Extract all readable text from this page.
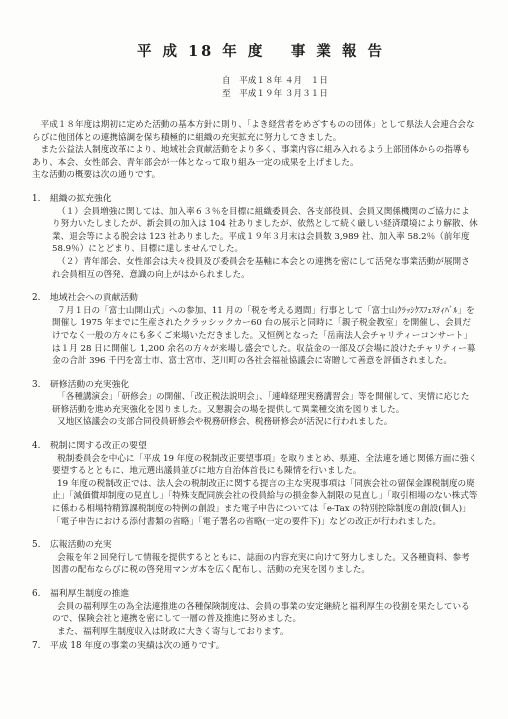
平 成 18 年 度　 事 業 報 告
自　平成１８年 ４月　１日
至　平成１９年 ３月３１日

平成１８年度は期初に定めた活動の基本方針に則り、「よき経営者をめざすものの団体」として県法人会連合会ならびに他団体との連携協調を保ち積極的に組織の充実拡充に努力してきました。

また公益法人制度改革により、地域社会貢献活動をより多く、事業内容に組み入れるよう上部団体からの指導もあり、本会、女性部会、青年部会が一体となって取り組み一定の成果を上げました。

主な活動の概要は次の通りです。

1. 組織の拡充強化

（１）会員増強に関しては、加入率６３％を目標に組織委員会、各支部役員、会員又関係機関のご協力により努力いたしましたが、新会員の加入は 104 社ありましたが、依然として続く厳しい経済環境により解散、休業、退会等による脱会は 123 社ありました。平成１９年３月末は会員数 3,989 社、加入率 58.2％（前年度 58.9％）にとどまり、目標に達しませんでした。

（２）青年部会、女性部会は夫々役員及び委員会を基軸に本会との連携を密にして活発な事業活動が展開され会員相互の啓発、意識の向上がはかられました。

2. 地域社会への貢献活動

７月１日の「富士山開山式」への参加、11 月の「税を考える週間」行事として「富士山ｸﾗｯｼｸｽﾌｪｽﾃｨﾊﾞﾙ」を開催し 1975 年までに生産されたクラッシックカー60 台の展示と同時に「親子税金教室」を開催し、会員だけでなく一般の方々にも多くご来場いただきました。又恒例となった「岳南法人会チャリティーコンサート」は１月 28 日に開催し 1,200 余名の方々が来場し盛会でした。収益金の一部及び会場に設けたチャリティー募金の合計 396 千円を富士市、富士宮市、芝川町の各社会福祉協議会に寄贈して善意を評価されました。

3. 研修活動の充実強化

「各種講演会」「研修会」の開催、「改正税法説明会」、「連峰経理実務講習会」等を開催して、実情に応じた研修活動を進め充実強化を図りました。又懇親会の場を提供して異業種交流を図りました。

又地区協議会の支部合同役員研修会や税務研修会、税務研修会が活況に行われました。

4. 税制に関する改正の要望

税制委員会を中心に「平成 19 年度の税制改正要望事項」を取りまとめ、県連、全法連を通じ関係方面に強く要望するとともに、地元選出議員並びに地方自治体首長にも陳情を行いました。

19 年度の税制改正では、法人会の税制改正に関する提言の主な実現事項は「同族会社の留保金課税制度の廃止」「減価償却制度の見直し」「特殊支配同族会社の役員給与の損金参入制限の見直し」「取引相場のない株式等に係わる相場特精算課税制度の特例の創設」また電子申告については「e-Tax の特別控除制度の創設(個人)」「電子申告における添付書類の省略」「電子署名の省略(一定の要件下)」などの改正が行われました。

5. 広報活動の充実

会報を年２回発行して情報を提供するとともに、誌面の内容充実に向けて努力しました。又各種資料、参考図書の配布ならびに税の啓発用マンガ本を広く配布し、活動の充実を図りました。

6. 福利厚生制度の推進

会員の福利厚生の為全法連推進の各種保険制度は、会員の事業の安定継続と福利厚生の役割を果たしているので、保険会社と連携を密にして一層の普及推進に努めました。

また、福利厚生制度収入は財政に大きく寄与しております。

7. 平成 18 年度の事業の実績は次の通りです。
